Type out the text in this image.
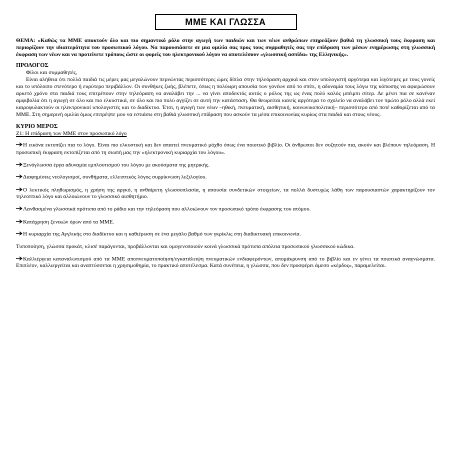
ΜΜΕ ΚΑΙ ΓΛΩΣΣΑ

ΘΕΜΑ: «Καθώς τα ΜΜΕ αποκτούν όλο και πιο σημαντικό ρόλο στην αγωγή των παιδιών και των νέων ανθρώπων επηρεάζουν βαθιά τη γλωσσική τους έκφραση και περιορίζουν την ιδιαιτερότητα του προσωπικού λόγου. Να παρουσιάσετε σε μια ομιλία σας προς τους συμμαθητές σας την επίδραση των μέσων ενημέρωσης στη γλωσσική έκφραση των νέων και να προτείνετε τρόπους ώστε οι φορείς του ηλεκτρονικού λόγου να αποτελέσουν «γλωσσική ασπίδα» της Ελληνικής».

ΠΡΟΛΟΓΟΣ
Φίλοι και συμμαθητές,

Είναι αλήθεια ότι πολλά παιδιά τις μέρες μας μεγαλώνουν περνώντας περισσότερες ώρες δίπλα στην τηλεόραση αρχικά και στον υπολογιστή αργότερα και λιγότερες με τους γονείς και το υπόλοιπο στενότερο ή ευρύτερο περιβάλλον. Οι συνθήκες ζωής, βλέπετε, όπως η πολύωρη απουσία των γονέων από το σπίτι, η αδυναμία τους λόγω της κόπωσης να αφιερώσουν αρκετό χρόνο στα παιδιά τους επιτρέπουν στην τηλεόραση να αναλάβει την ... να γίνει αποδεκτός αυτός ο ρόλος της ως ένας πολύ καλός μπέιμπι σίτερ. Δε μένει πια σε κανέναν αμφιβολία ότι η αγωγή σε όλο και πιο ελκυστικά, σε όλο και πιο πολύ αγγίζει σε αυτή την κατάσταση. Θα θεωρείται κανείς αργότερα το σχολείο να αναλάβει τον πρώτο ρόλο αλλά εκεί καιροφυλακτούν οι ηλεκτρονικοί υπολογιστές και το διαδίκτυο. Έτσι, η αγωγή των νέων –ηθική, πνευματική, αισθητική, κοινωνικοπολιτική– περισσότερο από ποτέ καθορίζεται από τα ΜΜΕ. Στη σημερινή ομιλία όμως επιτρέψτε μου να εστιάσω στη βαθιά γλωσσική επίδραση που ασκούν τα μέσα επικοινωνίας κυρίως στα παιδιά και στους νέους.

ΚΥΡΙΟ ΜΕΡΟΣ
Ζ1: Η επίδραση των ΜΜΕ στον προσωπικό λόγο

Η εικόνα εκτοπίζει πια το λόγο. Είναι πιο ελκυστική και δεν απαιτεί πνευματικό μόχθο όπως ένα ποιοτικό βιβλίο. Οι άνθρωποι δεν συζητούν πια, ακούν και βλέπουν τηλεόραση. Η προσωπική έκφραση εκτοπίζεται από τη σιωπή μας την «ηλεκτρονική κυριαρχία του λόγου».

Ξενόγλωσσα έργα αδυναμία εμπλουτισμού του λόγου με ακούσματα της μητρικής.

Διαφημίσεις νεολογισμοί, συνθήματα, ελλειπτικός λόγος συρρίκνωση λεξιλογίου.

Ο λεκτικός πληθωρισμός, η χρήση της αργκό, η ανθαίρετη γλωσσοπλασία, η απουσία συνδετικών στοιχείων, τα πολλά δυστυχώς λάθη των παρουσιαστών χαρακτηρίζουν τον τηλεοπτικό λόγο και αλλοιώνουν το γλωσσικό αισθητήριο.

Λανθασμένα γλωσσικά πρότυπα από το ράδιο και την τηλεόραση που αλλοιώνουν τον προσωπικό τρόπο έκφρασης του ατόμου.

Κατάχρηση ξενικών όρων από τα ΜΜΕ.

Η κυριαρχία της Αγγλικής στο διαδίκτυο και η καθιέρωση σε ένα μεγάλο βαθμό των γκρίκλις στη διαδικτυακή επικοινωνία.

Τυποποίηση, γλώσσα προκάτ, κλισέ παράγονται, προβάλλονται και ομογενοποιούν κοινά γλωσσικά πρότυπα απόλεια προσωπικού γλωσσικού κώδικα.

Καλλιέργεια καταναλωτισμού από τα ΜΜΕ αποπνευματοποίηση/εγκατάλειψη πνευματικών ενδιαφερόντων, απομάκρυνση από το βιβλίο και εν γένει τα ποιοτικά αναγνώσματα. Επιπλέον, καλλιεργείται και αναπτύσσεται η χρησιμοθηρία, το πρακτικό αποτέλεσμα. Κατά συνέπεια, η γλώσσα, που δεν προσφέρει άμεσο «κέρδος», παραμελείται.
